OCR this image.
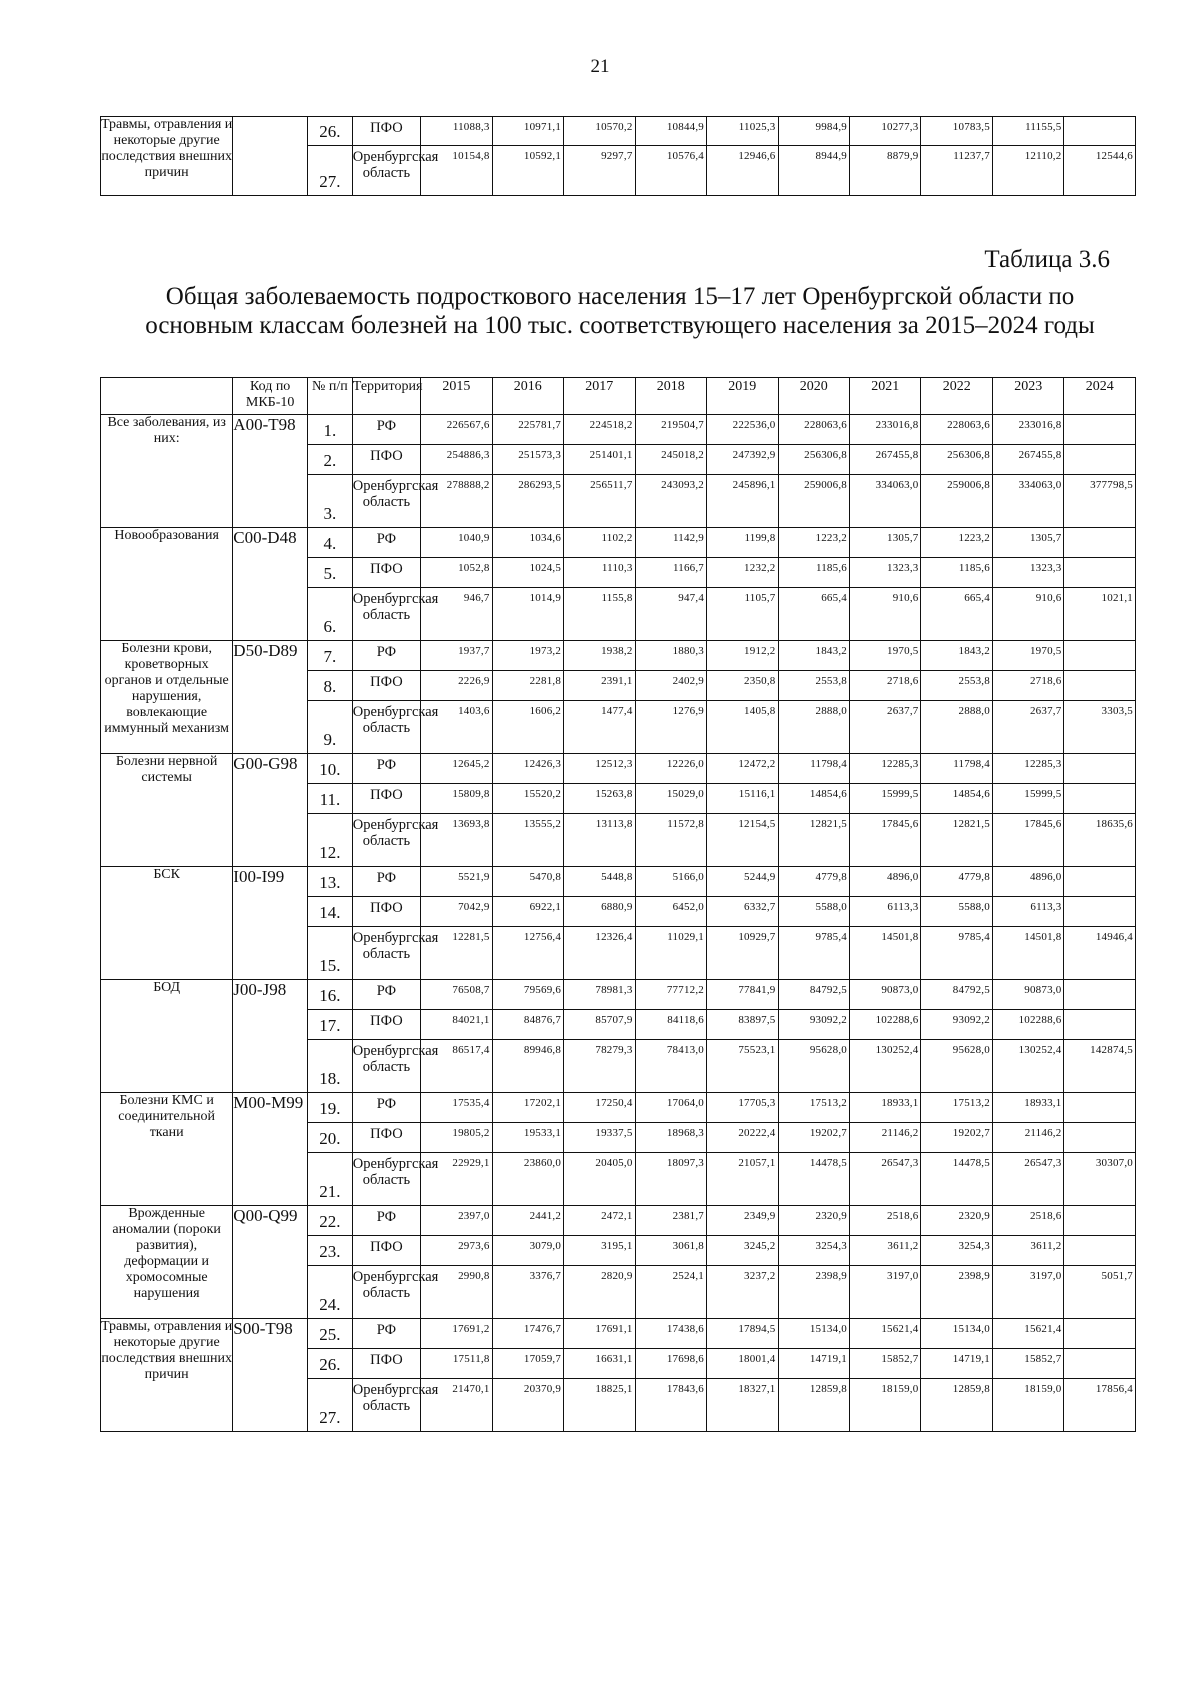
21
Травмы, отравления и некоторые другие последствия внешних причин		26.	ПФО	11088,3	10971,1	10570,2	10844,9	11025,3	9984,9	10277,3	10783,5	11155,5	

		27.	Оренбургская область	10154,8	10592,1	9297,7	10576,4	12946,6	8944,9	8879,9	11237,7	12110,2	12544,6
Таблица 3.6
Общая заболеваемость подросткового населения 15–17 лет Оренбургской области по основным классам болезней на 100 тыс. соответствующего населения за 2015–2024 годы
	Код по МКБ-10	№ п/п	Территория	2015	2016	2017	2018	2019	2020	2021	2022	2023	2024
Все заболевания, из них:	A00-T98	1.	РФ	226567,6	225781,7	224518,2	219504,7	222536,0	228063,6	233016,8	228063,6	233016,8	

		2.	ПФО	254886,3	251573,3	251401,1	245018,2	247392,9	256306,8	267455,8	256306,8	267455,8	

		3.	Оренбургская область	278888,2	286293,5	256511,7	243093,2	245896,1	259006,8	334063,0	259006,8	334063,0	377798,5
Новообразования	C00-D48	4.	РФ	1040,9	1034,6	1102,2	1142,9	1199,8	1223,2	1305,7	1223,2	1305,7	

		5.	ПФО	1052,8	1024,5	1110,3	1166,7	1232,2	1185,6	1323,3	1185,6	1323,3	

		6.	Оренбургская область	946,7	1014,9	1155,8	947,4	1105,7	665,4	910,6	665,4	910,6	1021,1
Болезни крови, кроветворных органов и отдельные нарушения, вовлекающие иммунный механизм	D50-D89	7.	РФ	1937,7	1973,2	1938,2	1880,3	1912,2	1843,2	1970,5	1843,2	1970,5	

		8.	ПФО	2226,9	2281,8	2391,1	2402,9	2350,8	2553,8	2718,6	2553,8	2718,6	

		9.	Оренбургская область	1403,6	1606,2	1477,4	1276,9	1405,8	2888,0	2637,7	2888,0	2637,7	3303,5
Болезни нервной системы	G00-G98	10.	РФ	12645,2	12426,3	12512,3	12226,0	12472,2	11798,4	12285,3	11798,4	12285,3	

		11.	ПФО	15809,8	15520,2	15263,8	15029,0	15116,1	14854,6	15999,5	14854,6	15999,5	

		12.	Оренбургская область	13693,8	13555,2	13113,8	11572,8	12154,5	12821,5	17845,6	12821,5	17845,6	18635,6
БСК	I00-I99	13.	РФ	5521,9	5470,8	5448,8	5166,0	5244,9	4779,8	4896,0	4779,8	4896,0	

		14.	ПФО	7042,9	6922,1	6880,9	6452,0	6332,7	5588,0	6113,3	5588,0	6113,3	

		15.	Оренбургская область	12281,5	12756,4	12326,4	11029,1	10929,7	9785,4	14501,8	9785,4	14501,8	14946,4
БОД	J00-J98	16.	РФ	76508,7	79569,6	78981,3	77712,2	77841,9	84792,5	90873,0	84792,5	90873,0	

		17.	ПФО	84021,1	84876,7	85707,9	84118,6	83897,5	93092,2	102288,6	93092,2	102288,6	

		18.	Оренбургская область	86517,4	89946,8	78279,3	78413,0	75523,1	95628,0	130252,4	95628,0	130252,4	142874,5
Болезни КМС и соединительной ткани	M00-M99	19.	РФ	17535,4	17202,1	17250,4	17064,0	17705,3	17513,2	18933,1	17513,2	18933,1	

		20.	ПФО	19805,2	19533,1	19337,5	18968,3	20222,4	19202,7	21146,2	19202,7	21146,2	

		21.	Оренбургская область	22929,1	23860,0	20405,0	18097,3	21057,1	14478,5	26547,3	14478,5	26547,3	30307,0
Врожденные аномалии (пороки развития), деформации и хромосомные нарушения	Q00-Q99	22.	РФ	2397,0	2441,2	2472,1	2381,7	2349,9	2320,9	2518,6	2320,9	2518,6	

		23.	ПФО	2973,6	3079,0	3195,1	3061,8	3245,2	3254,3	3611,2	3254,3	3611,2	

		24.	Оренбургская область	2990,8	3376,7	2820,9	2524,1	3237,2	2398,9	3197,0	2398,9	3197,0	5051,7
Травмы, отравления и некоторые другие последствия внешних причин	S00-T98	25.	РФ	17691,2	17476,7	17691,1	17438,6	17894,5	15134,0	15621,4	15134,0	15621,4	

		26.	ПФО	17511,8	17059,7	16631,1	17698,6	18001,4	14719,1	15852,7	14719,1	15852,7	

		27.	Оренбургская область	21470,1	20370,9	18825,1	17843,6	18327,1	12859,8	18159,0	12859,8	18159,0	17856,4
